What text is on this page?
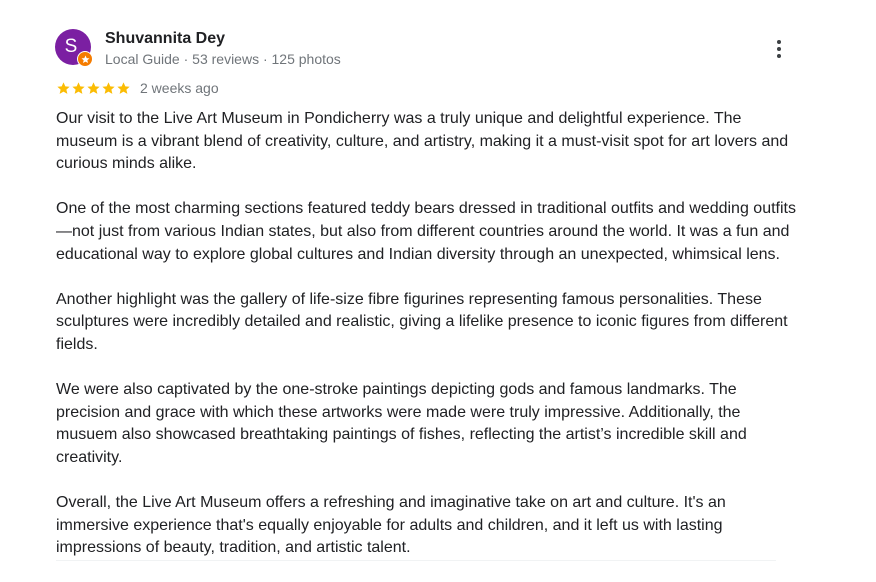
S	Shuvannita Dey
Local Guide · 53 reviews · 125 photos
2 weeks ago

Our visit to the Live Art Museum in Pondicherry was a truly unique and delightful experience. The museum is a vibrant blend of creativity, culture, and artistry, making it a must-visit spot for art lovers and curious minds alike.

One of the most charming sections featured teddy bears dressed in traditional outfits and wedding outfits —not just from various Indian states, but also from different countries around the world. It was a fun and educational way to explore global cultures and Indian diversity through an unexpected, whimsical lens.

Another highlight was the gallery of life-size fibre figurines representing famous personalities. These sculptures were incredibly detailed and realistic, giving a lifelike presence to iconic figures from different fields.

We were also captivated by the one-stroke paintings depicting gods and famous landmarks. The precision and grace with which these artworks were made were truly impressive. Additionally, the musuem also showcased breathtaking paintings of fishes, reflecting the artist’s incredible skill and creativity.

Overall, the Live Art Museum offers a refreshing and imaginative take on art and culture. It's an immersive experience that's equally enjoyable for adults and children, and it left us with lasting impressions of beauty, tradition, and artistic talent.
